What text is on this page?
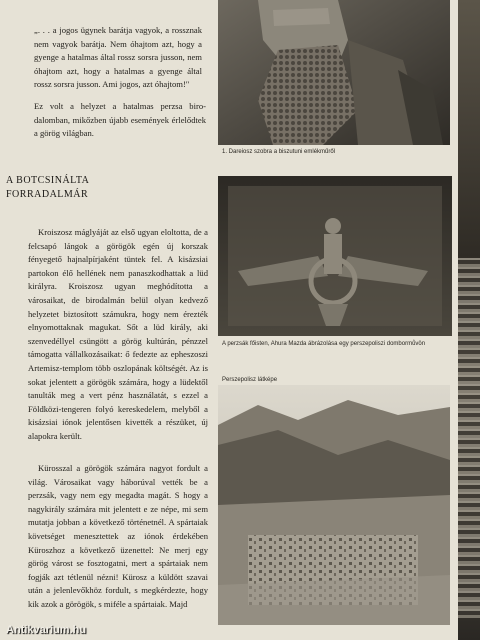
„. . . a jogos ügynek barátja vagyok, a rossznak nem vagyok barátja. Nem óhajtom azt, hogy a gyenge a hatalmas által rossz sorsra jusson, nem óhajtom azt, hogy a hatalmas a gyenge által rossz sorsra jusson. Ami jogos, azt óhajtom!"
Ez volt a helyzet a hatalmas perzsa birodalomban, mikőzben újabb események érlelődtek a görög világban.
A BOTCSINÁLTA FORRADALMÁR
Kroiszosz máglyáját az első ugyan eloltotta, de a felcsapó lángok a görögök egén új korszak fényegető hajnalpírjaként tüntek fel. A kisázsiai partokon élő hellének nem panaszkodhattak a lüd királyra. Kroiszosz ugyan meghódította a városaikat, de birodalmán belül olyan kedvező helyzetet biztosított számukra, hogy nem érezték elnyomottaknak magukat. Sőt a lüd király, aki szenvedéllyel csüngött a görög kultúrán, pénzzel támogatta vállalkozásaikat: ő fedezte az epheszoszi Artemisz-templom több oszlopának költségét. Az is sokat jelentett a görögök számára, hogy a lüdektől tanulták meg a vert pénz használatát, s ezzel a Földközi-tengeren folyó kereskedelem, melyből a kisázsiai iónok jelentősen kivették a részüket, új alapokra került.
Kürosszal a görögök számára nagyot fordult a világ. Városaikat vagy háborúval vették be a perzsák, vagy nem egy megadta magát. S hogy a nagykirály számára mit jelentett e ze népe, mi sem mutatja jobban a következő történetnél. A spártaiak követséget menesztettek az iónok érdekében Küroszhoz a következő üzenettel: Ne merj egy görög várost se fosztogatni, mert a spártaiak nem fogják azt tétlenül nézni! Kürosz a küldött szavai után a jelenlevőkhöz fordult, s megkérdezte, hogy kik azok a görögök, s miféle a spártaiak. Majd
1. Dareiosz szobra a biszutuni emlékműről
A perzsák főisten, Ahura Mazda ábrázolása egy perszepoliszi dombormůvön
Perszepolisz látképe
Antikvarium.hu
